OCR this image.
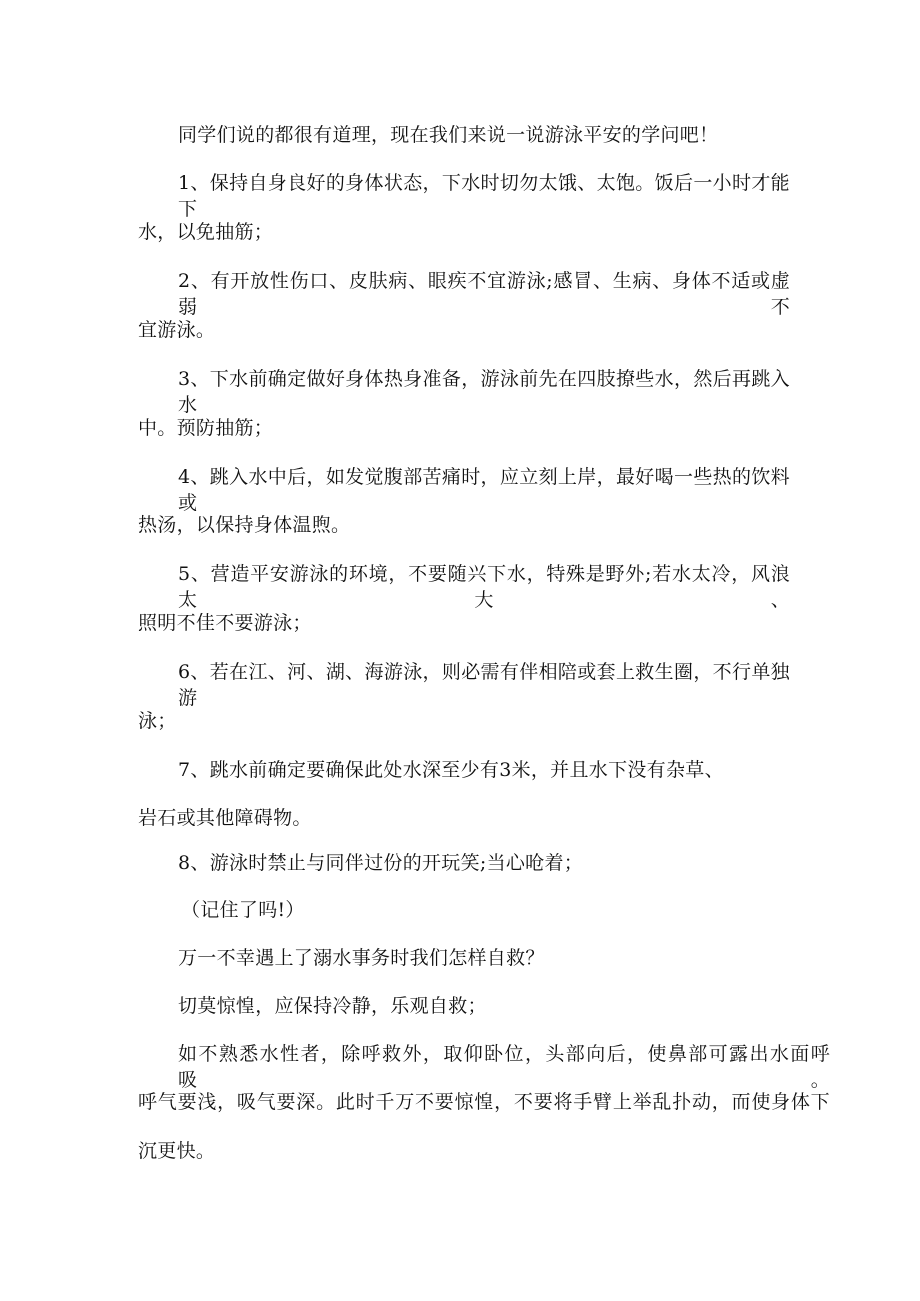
同学们说的都很有道理，现在我们来说一说游泳平安的学问吧！

1、保持自身良好的身体状态，下水时切勿太饿、太饱。饭后一小时才能下

水，以免抽筋；

2、有开放性伤口、皮肤病、眼疾不宜游泳;感冒、生病、身体不适或虚弱不

宜游泳。

3、下水前确定做好身体热身准备，游泳前先在四肢撩些水，然后再跳入水

中。预防抽筋；

4、跳入水中后，如发觉腹部苦痛时，应立刻上岸，最好喝一些热的饮料或

热汤，以保持身体温煦。

5、营造平安游泳的环境，不要随兴下水，特殊是野外;若水太冷，风浪太大、

照明不佳不要游泳；

6、若在江、河、湖、海游泳，则必需有伴相陪或套上救生圈，不行单独游

泳；

7、跳水前确定要确保此处水深至少有3米，并且水下没有杂草、

岩石或其他障碍物。

8、游泳时禁止与同伴过份的开玩笑;当心呛着；

（记住了吗!）

万一不幸遇上了溺水事务时我们怎样自救？

切莫惊惶，应保持冷静，乐观自救；

如不熟悉水性者，除呼救外，取仰卧位，头部向后，使鼻部可露出水面呼吸。

呼气要浅，吸气要深。此时千万不要惊惶，不要将手臂上举乱扑动，而使身体下

沉更快。
